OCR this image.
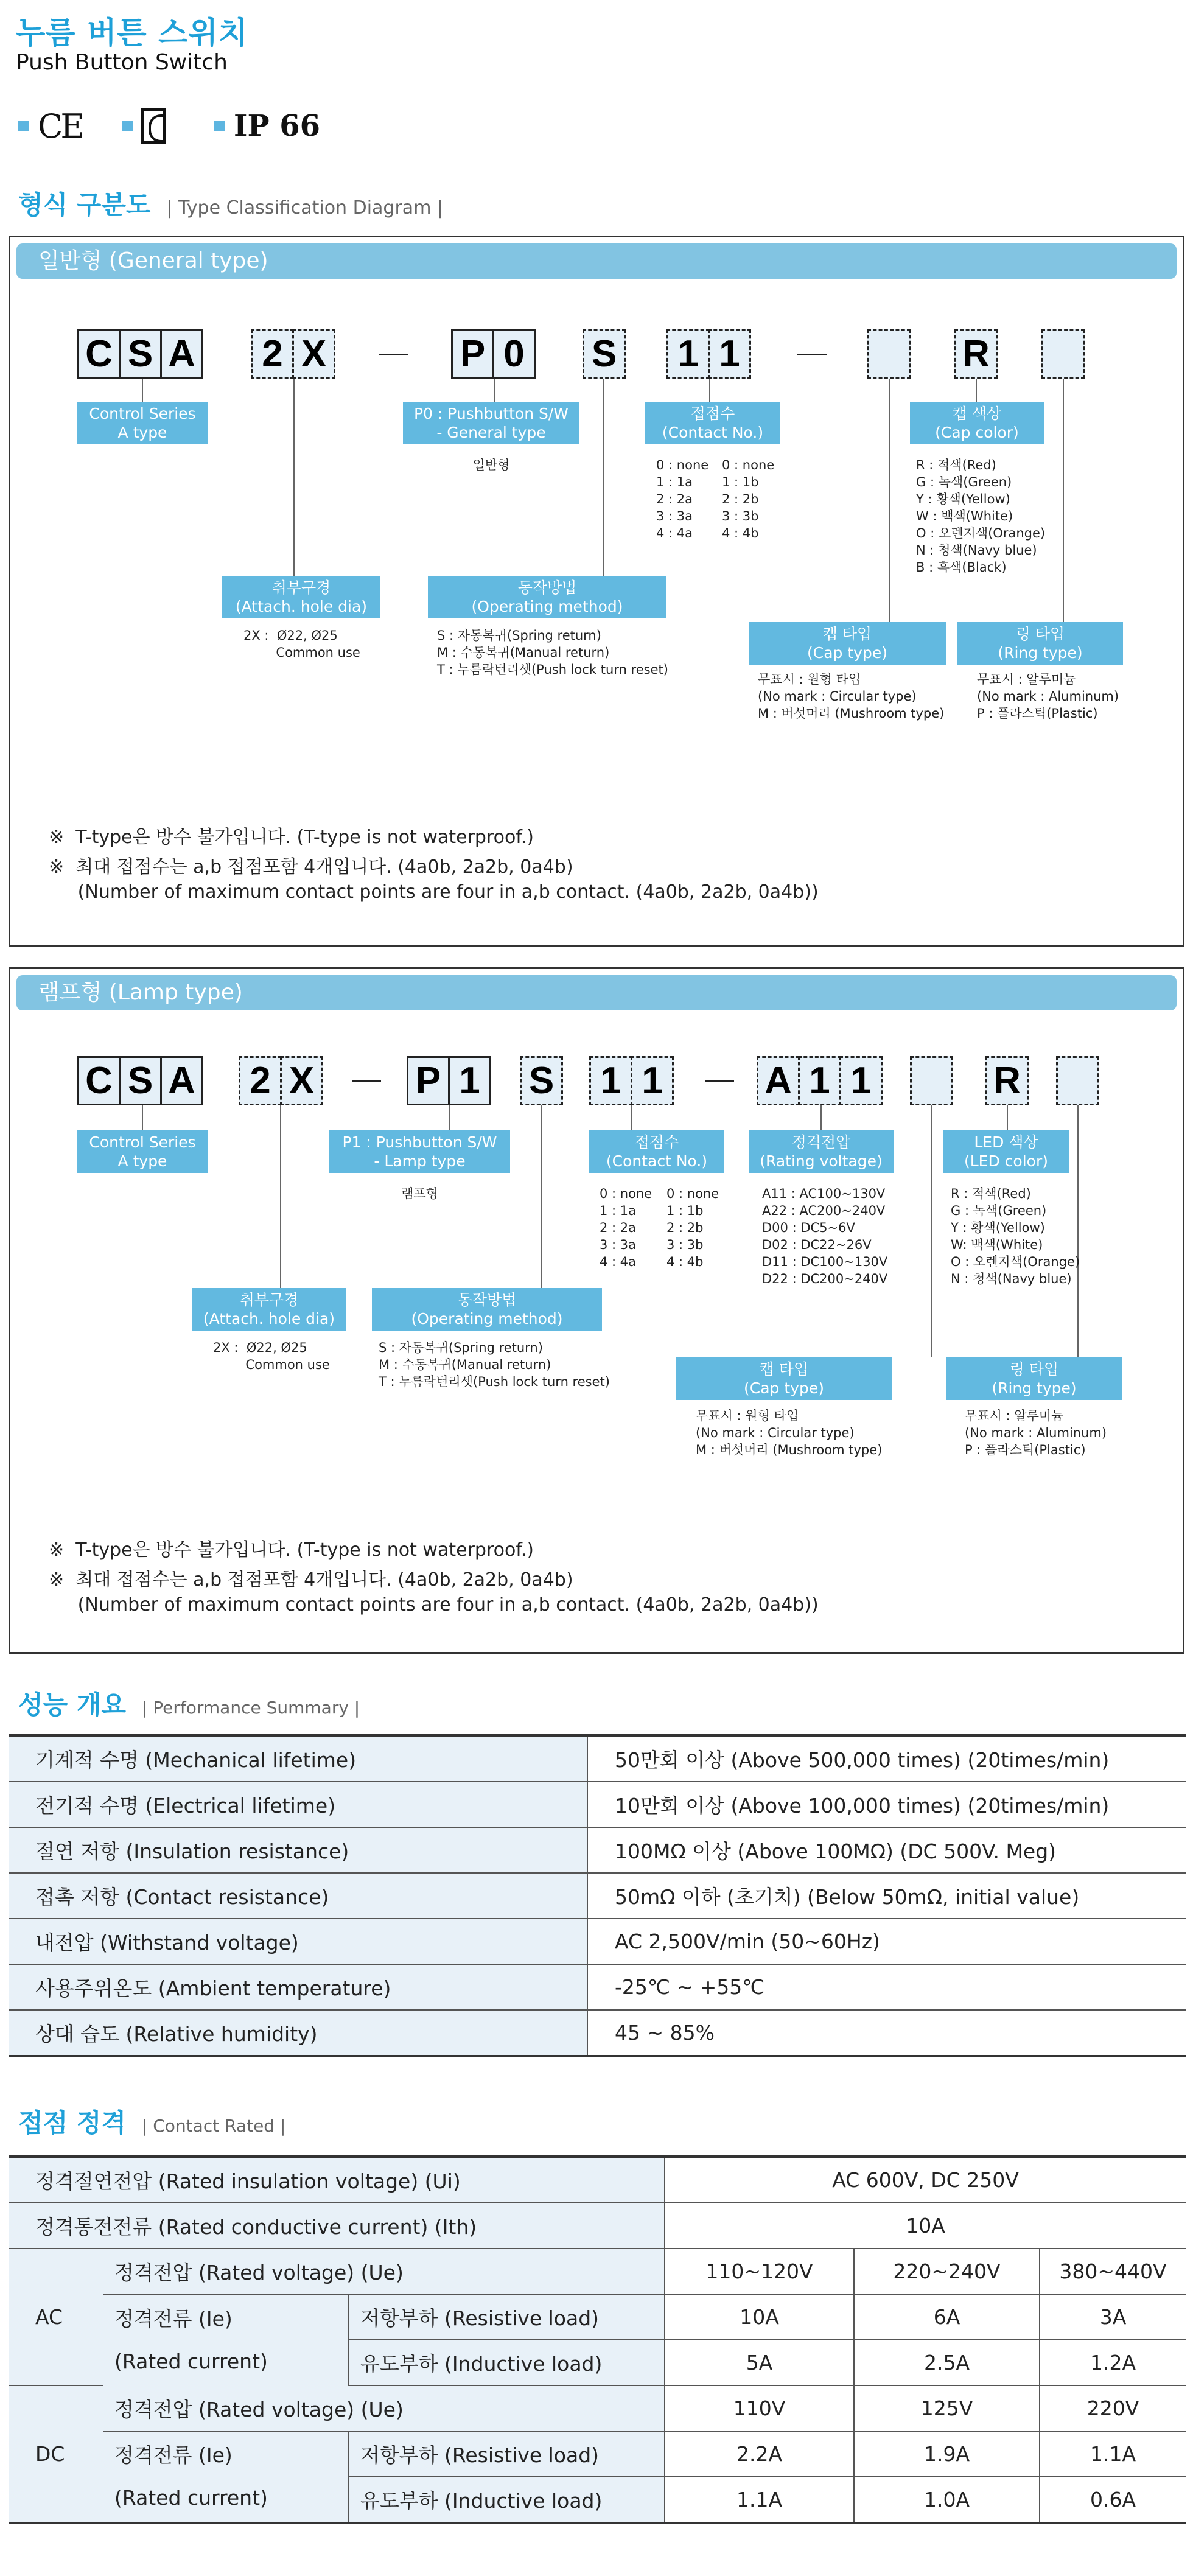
누름 버튼 스위치
Push Button Switch
CE	IP 66
형식 구분도 | Type Classification Diagram |
일반형 (General type)
C S A 2 X	P 0 S 1 1	R
Control Series
A type
P0 : Pushbutton S/W
- General type
일반형
접점수
(Contact No.)
0 : none
1 : 1a
2 : 2a
3 : 3a
4 : 4a
0 : none
1 : 1b
2 : 2b
3 : 3b
4 : 4b
캡 색상
(Cap color)
R : 적색(Red)
G : 녹색(Green)
Y : 황색(Yellow)
W : 백색(White)
O : 오렌지색(Orange)
N : 청색(Navy blue)
B : 흑색(Black)
취부구경
(Attach. hole dia)
2X :  Ø22, Ø25
Common use
동작방법
(Operating method)
S : 자동복귀(Spring return)
M : 수동복귀(Manual return)
T : 누름락턴리셋(Push lock turn reset)
캡 타입
(Cap type)
무표시 : 원형 타입
(No mark : Circular type)
M : 버섯머리 (Mushroom type)
링 타입
(Ring type)
무표시 : 알루미늄
(No mark : Aluminum)
P : 플라스틱(Plastic)
※  T-type은 방수 불가입니다. (T-type is not waterproof.)
※  최대 접점수는 a,b 접점포함 4개입니다. (4a0b, 2a2b, 0a4b)
(Number of maximum contact points are four in a,b contact. (4a0b, 2a2b, 0a4b))
램프형 (Lamp type)
C S A 2 X	P 1 S 1 1	A 1 1	R
Control Series
A type
P1 : Pushbutton S/W
- Lamp type
램프형
접점수
(Contact No.)
0 : none
1 : 1a
2 : 2a
3 : 3a
4 : 4a
0 : none
1 : 1b
2 : 2b
3 : 3b
4 : 4b
정격전압
(Rating voltage)
A11 : AC100~130V
A22 : AC200~240V
D00 : DC5~6V
D02 : DC22~26V
D11 : DC100~130V
D22 : DC200~240V
LED 색상
(LED color)
R : 적색(Red)
G : 녹색(Green)
Y : 황색(Yellow)
W: 백색(White)
O : 오렌지색(Orange)
N : 청색(Navy blue)
취부구경
(Attach. hole dia)
2X :  Ø22, Ø25
Common use
동작방법
(Operating method)
S : 자동복귀(Spring return)
M : 수동복귀(Manual return)
T : 누름락턴리셋(Push lock turn reset)
캡 타입
(Cap type)
무표시 : 원형 타입
(No mark : Circular type)
M : 버섯머리 (Mushroom type)
링 타입
(Ring type)
무표시 : 알루미늄
(No mark : Aluminum)
P : 플라스틱(Plastic)
※  T-type은 방수 불가입니다. (T-type is not waterproof.)
※  최대 접점수는 a,b 접점포함 4개입니다. (4a0b, 2a2b, 0a4b)
(Number of maximum contact points are four in a,b contact. (4a0b, 2a2b, 0a4b))
성능 개요 | Performance Summary |
기계적 수명 (Mechanical lifetime)	50만회 이상 (Above 500,000 times) (20times/min)
전기적 수명 (Electrical lifetime)	10만회 이상 (Above 100,000 times) (20times/min)
절연 저항 (Insulation resistance)	100MΩ 이상 (Above 100MΩ) (DC 500V. Meg)
접촉 저항 (Contact resistance)	50mΩ 이하 (초기치) (Below 50mΩ, initial value)
내전압 (Withstand voltage)	AC 2,500V/min (50~60Hz)
사용주위온도 (Ambient temperature)	-25℃ ~ +55℃
상대 습도 (Relative humidity)	45 ~ 85%
접점 정격 | Contact Rated |
정격절연전압 (Rated insulation voltage) (Ui)			AC 600V, DC 250V		
정격통전전류 (Rated conductive current) (Ith)			10A		
AC	정격전압 (Rated voltage) (Ue)		110~120V	220~240V	380~440V
	정격전류 (Ie)
(Rated current)	저항부하 (Resistive load)	10A	6A	3A
		유도부하 (Inductive load)	5A	2.5A	1.2A
DC	정격전압 (Rated voltage) (Ue)		110V	125V	220V
	정격전류 (Ie)
(Rated current)	저항부하 (Resistive load)	2.2A	1.9A	1.1A
		유도부하 (Inductive load)	1.1A	1.0A	0.6A
